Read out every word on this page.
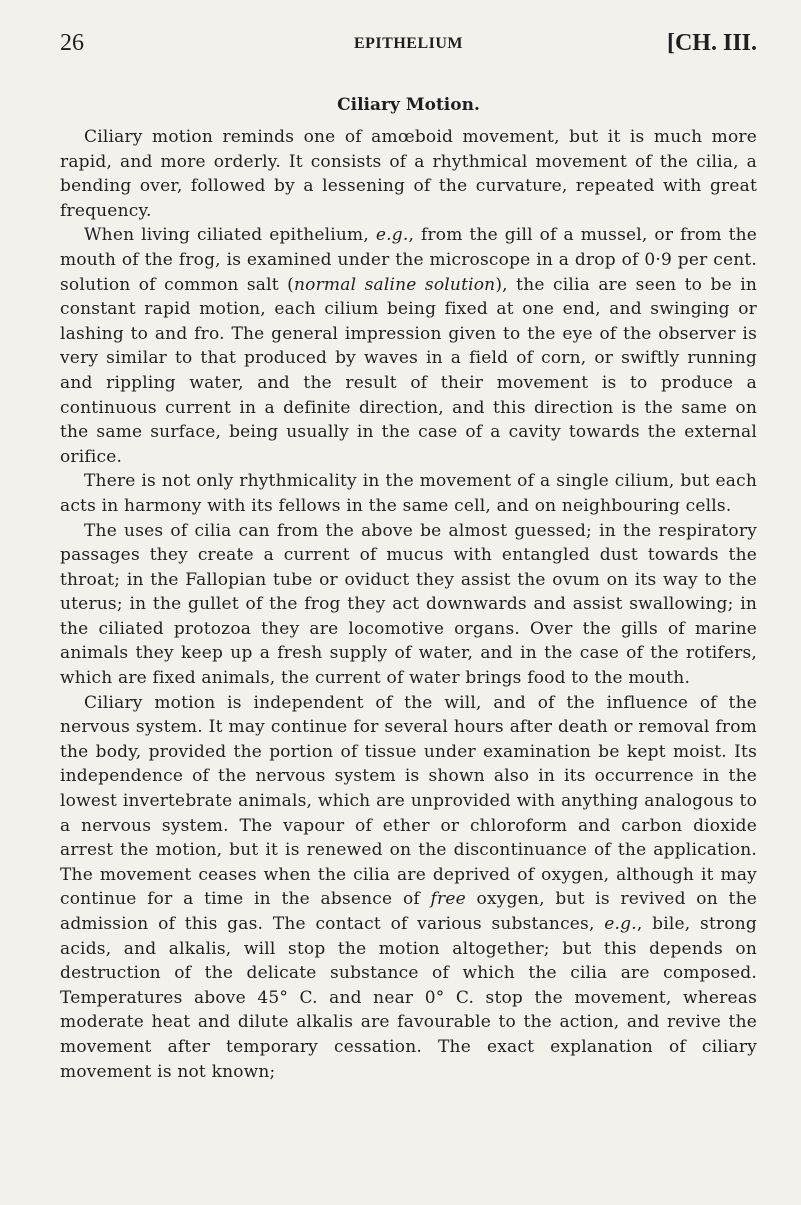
26	EPITHELIUM	[CH. III.
Ciliary Motion.

Ciliary motion reminds one of amœboid movement, but it is much more rapid, and more orderly. It consists of a rhythmical movement of the cilia, a bending over, followed by a lessening of the curvature, repeated with great frequency.

When living ciliated epithelium, e.g., from the gill of a mussel, or from the mouth of the frog, is examined under the microscope in a drop of 0·9 per cent. solution of common salt (normal saline solution), the cilia are seen to be in constant rapid motion, each cilium being fixed at one end, and swinging or lashing to and fro. The general impression given to the eye of the observer is very similar to that produced by waves in a field of corn, or swiftly running and rippling water, and the result of their movement is to produce a continuous current in a definite direction, and this direction is the same on the same surface, being usually in the case of a cavity towards the external orifice.

There is not only rhythmicality in the movement of a single cilium, but each acts in harmony with its fellows in the same cell, and on neighbouring cells.

The uses of cilia can from the above be almost guessed; in the respiratory passages they create a current of mucus with entangled dust towards the throat; in the Fallopian tube or oviduct they assist the ovum on its way to the uterus; in the gullet of the frog they act downwards and assist swallowing; in the ciliated protozoa they are locomotive organs. Over the gills of marine animals they keep up a fresh supply of water, and in the case of the rotifers, which are fixed animals, the current of water brings food to the mouth.

Ciliary motion is independent of the will, and of the influence of the nervous system. It may continue for several hours after death or removal from the body, provided the portion of tissue under examination be kept moist. Its independence of the nervous system is shown also in its occurrence in the lowest invertebrate animals, which are unprovided with anything analogous to a nervous system. The vapour of ether or chloroform and carbon dioxide arrest the motion, but it is renewed on the discontinuance of the application. The movement ceases when the cilia are deprived of oxygen, although it may continue for a time in the absence of free oxygen, but is revived on the admission of this gas. The contact of various substances, e.g., bile, strong acids, and alkalis, will stop the motion altogether; but this depends on destruction of the delicate substance of which the cilia are composed. Temperatures above 45° C. and near 0° C. stop the movement, whereas moderate heat and dilute alkalis are favourable to the action, and revive the movement after temporary cessation. The exact explanation of ciliary movement is not known;
